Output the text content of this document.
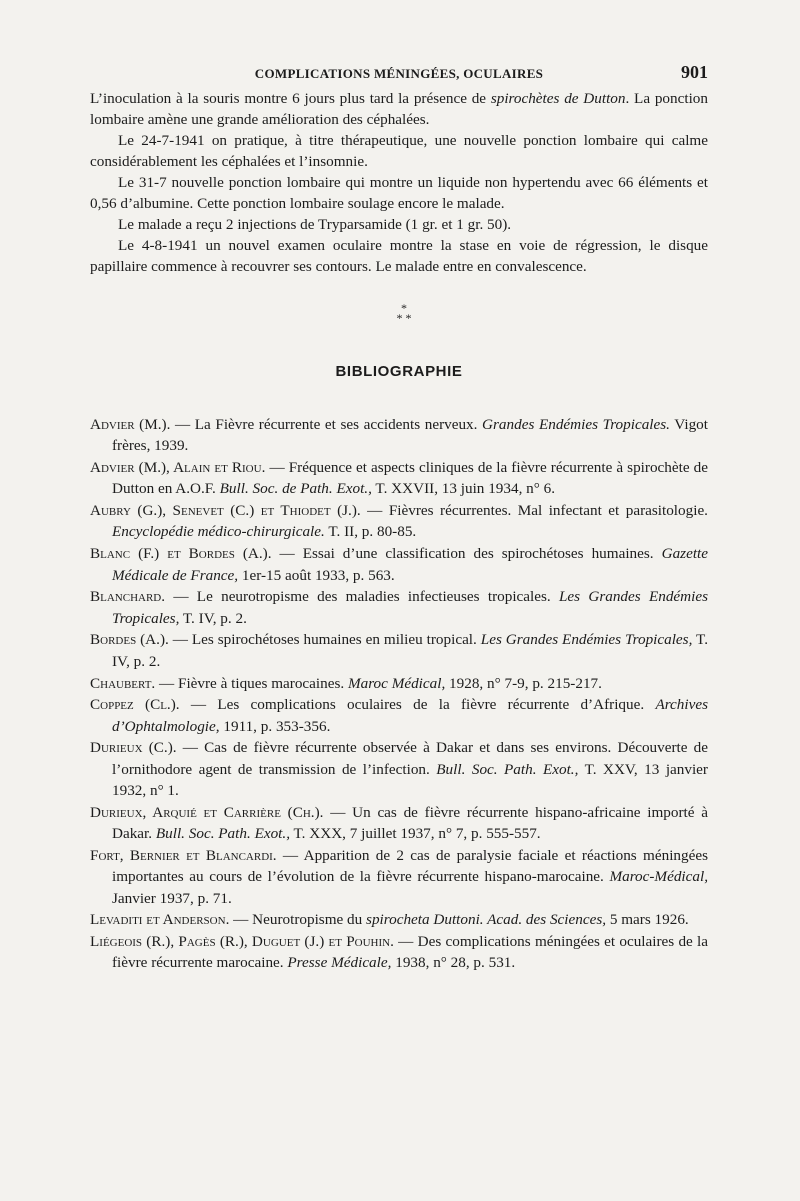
COMPLICATIONS MÉNINGÉES, OCULAIRES	901

L’inoculation à la souris montre 6 jours plus tard la présence de spirochètes de Dutton. La ponction lombaire amène une grande amélioration des céphalées.

Le 24-7-1941 on pratique, à titre thérapeutique, une nouvelle ponction lombaire qui calme considérablement les céphalées et l’insomnie.

Le 31-7 nouvelle ponction lombaire qui montre un liquide non hypertendu avec 66 éléments et 0,56 d’albumine. Cette ponction lombaire soulage encore le malade.

Le malade a reçu 2 injections de Tryparsamide (1 gr. et 1 gr. 50).

Le 4-8-1941 un nouvel examen oculaire montre la stase en voie de régression, le disque papillaire commence à recouvrer ses contours. Le malade entre en convalescence.

*
* *
BIBLIOGRAPHIE
Advier (M.). — La Fièvre récurrente et ses accidents nerveux. Grandes Endémies Tropicales. Vigot frères, 1939.
Advier (M.), Alain et Riou. — Fréquence et aspects cliniques de la fièvre récurrente à spirochète de Dutton en A.O.F. Bull. Soc. de Path. Exot., T. XXVII, 13 juin 1934, n° 6.
Aubry (G.), Senevet (C.) et Thiodet (J.). — Fièvres récurrentes. Mal infectant et parasitologie. Encyclopédie médico-chirurgicale. T. II, p. 80-85.
Blanc (F.) et Bordes (A.). — Essai d’une classification des spirochétoses humaines. Gazette Médicale de France, 1er-15 août 1933, p. 563.
Blanchard. — Le neurotropisme des maladies infectieuses tropicales. Les Grandes Endémies Tropicales, T. IV, p. 2.
Bordes (A.). — Les spirochétoses humaines en milieu tropical. Les Grandes Endémies Tropicales, T. IV, p. 2.
Chaubert. — Fièvre à tiques marocaines. Maroc Médical, 1928, n° 7-9, p. 215-217.
Coppez (Cl.). — Les complications oculaires de la fièvre récurrente d’Afrique. Archives d’Ophtalmologie, 1911, p. 353-356.
Durieux (C.). — Cas de fièvre récurrente observée à Dakar et dans ses environs. Découverte de l’ornithodore agent de transmission de l’infection. Bull. Soc. Path. Exot., T. XXV, 13 janvier 1932, n° 1.
Durieux, Arquié et Carrière (Ch.). — Un cas de fièvre récurrente hispano-africaine importé à Dakar. Bull. Soc. Path. Exot., T. XXX, 7 juillet 1937, n° 7, p. 555-557.
Fort, Bernier et Blancardi. — Apparition de 2 cas de paralysie faciale et réactions méningées importantes au cours de l’évolution de la fièvre récurrente hispano-marocaine. Maroc-Médical, Janvier 1937, p. 71.
Levaditi et Anderson. — Neurotropisme du spirocheta Duttoni. Acad. des Sciences, 5 mars 1926.
Liégeois (R.), Pagès (R.), Duguet (J.) et Pouhin. — Des complications méningées et oculaires de la fièvre récurrente marocaine. Presse Médicale, 1938, n° 28, p. 531.
